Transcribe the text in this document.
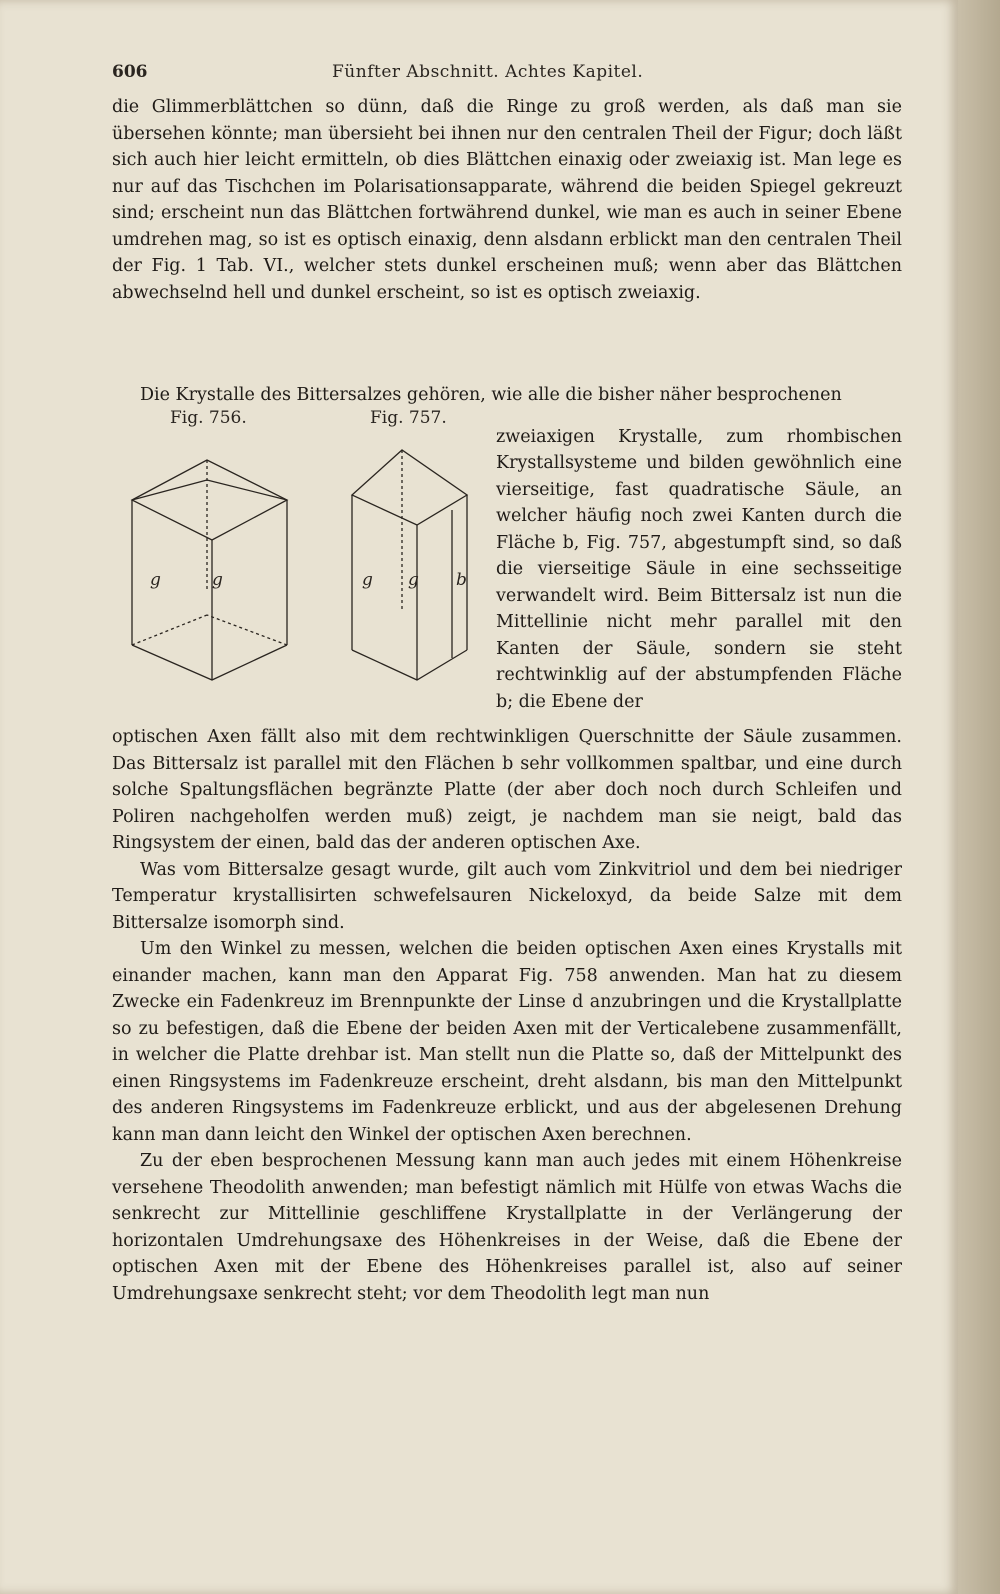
606	Fünfter Abschnitt. Achtes Kapitel.

die Glimmerblättchen so dünn, daß die Ringe zu groß werden, als daß man sie übersehen könnte; man übersieht bei ihnen nur den centralen Theil der Figur; doch läßt sich auch hier leicht ermitteln, ob dies Blättchen einaxig oder zweiaxig ist. Man lege es nur auf das Tischchen im Polarisationsapparate, während die beiden Spiegel gekreuzt sind; erscheint nun das Blättchen fortwährend dunkel, wie man es auch in seiner Ebene umdrehen mag, so ist es optisch einaxig, denn alsdann erblickt man den centralen Theil der Fig. 1 Tab. VI., welcher stets dunkel erscheinen muß; wenn aber das Blättchen abwechselnd hell und dunkel erscheint, so ist es optisch zweiaxig.

Die Krystalle des Bittersalzes gehören, wie alle die bisher näher besprochenen

Fig. 756.	Fig. 757.
g	g	g g b

zweiaxigen Krystalle, zum rhombischen Krystallsysteme und bilden gewöhnlich eine vierseitige, fast quadratische Säule, an welcher häufig noch zwei Kanten durch die Fläche b, Fig. 757, abgestumpft sind, so daß die vierseitige Säule in eine sechsseitige verwandelt wird. Beim Bittersalz ist nun die Mittellinie nicht mehr parallel mit den Kanten der Säule, sondern sie steht rechtwinklig auf der abstumpfenden Fläche b; die Ebene der

optischen Axen fällt also mit dem rechtwinkligen Querschnitte der Säule zusammen. Das Bittersalz ist parallel mit den Flächen b sehr vollkommen spaltbar, und eine durch solche Spaltungsflächen begränzte Platte (der aber doch noch durch Schleifen und Poliren nachgeholfen werden muß) zeigt, je nachdem man sie neigt, bald das Ringsystem der einen, bald das der anderen optischen Axe.

Was vom Bittersalze gesagt wurde, gilt auch vom Zinkvitriol und dem bei niedriger Temperatur krystallisirten schwefelsauren Nickeloxyd, da beide Salze mit dem Bittersalze isomorph sind.

Um den Winkel zu messen, welchen die beiden optischen Axen eines Krystalls mit einander machen, kann man den Apparat Fig. 758 anwenden. Man hat zu diesem Zwecke ein Fadenkreuz im Brennpunkte der Linse d anzubringen und die Krystallplatte so zu befestigen, daß die Ebene der beiden Axen mit der Verticalebene zusammenfällt, in welcher die Platte drehbar ist. Man stellt nun die Platte so, daß der Mittelpunkt des einen Ringsystems im Fadenkreuze erscheint, dreht alsdann, bis man den Mittelpunkt des anderen Ringsystems im Fadenkreuze erblickt, und aus der abgelesenen Drehung kann man dann leicht den Winkel der optischen Axen berechnen.

Zu der eben besprochenen Messung kann man auch jedes mit einem Höhenkreise versehene Theodolith anwenden; man befestigt nämlich mit Hülfe von etwas Wachs die senkrecht zur Mittellinie geschliffene Krystallplatte in der Verlängerung der horizontalen Umdrehungsaxe des Höhenkreises in der Weise, daß die Ebene der optischen Axen mit der Ebene des Höhenkreises parallel ist, also auf seiner Umdrehungsaxe senkrecht steht; vor dem Theodolith legt man nun
